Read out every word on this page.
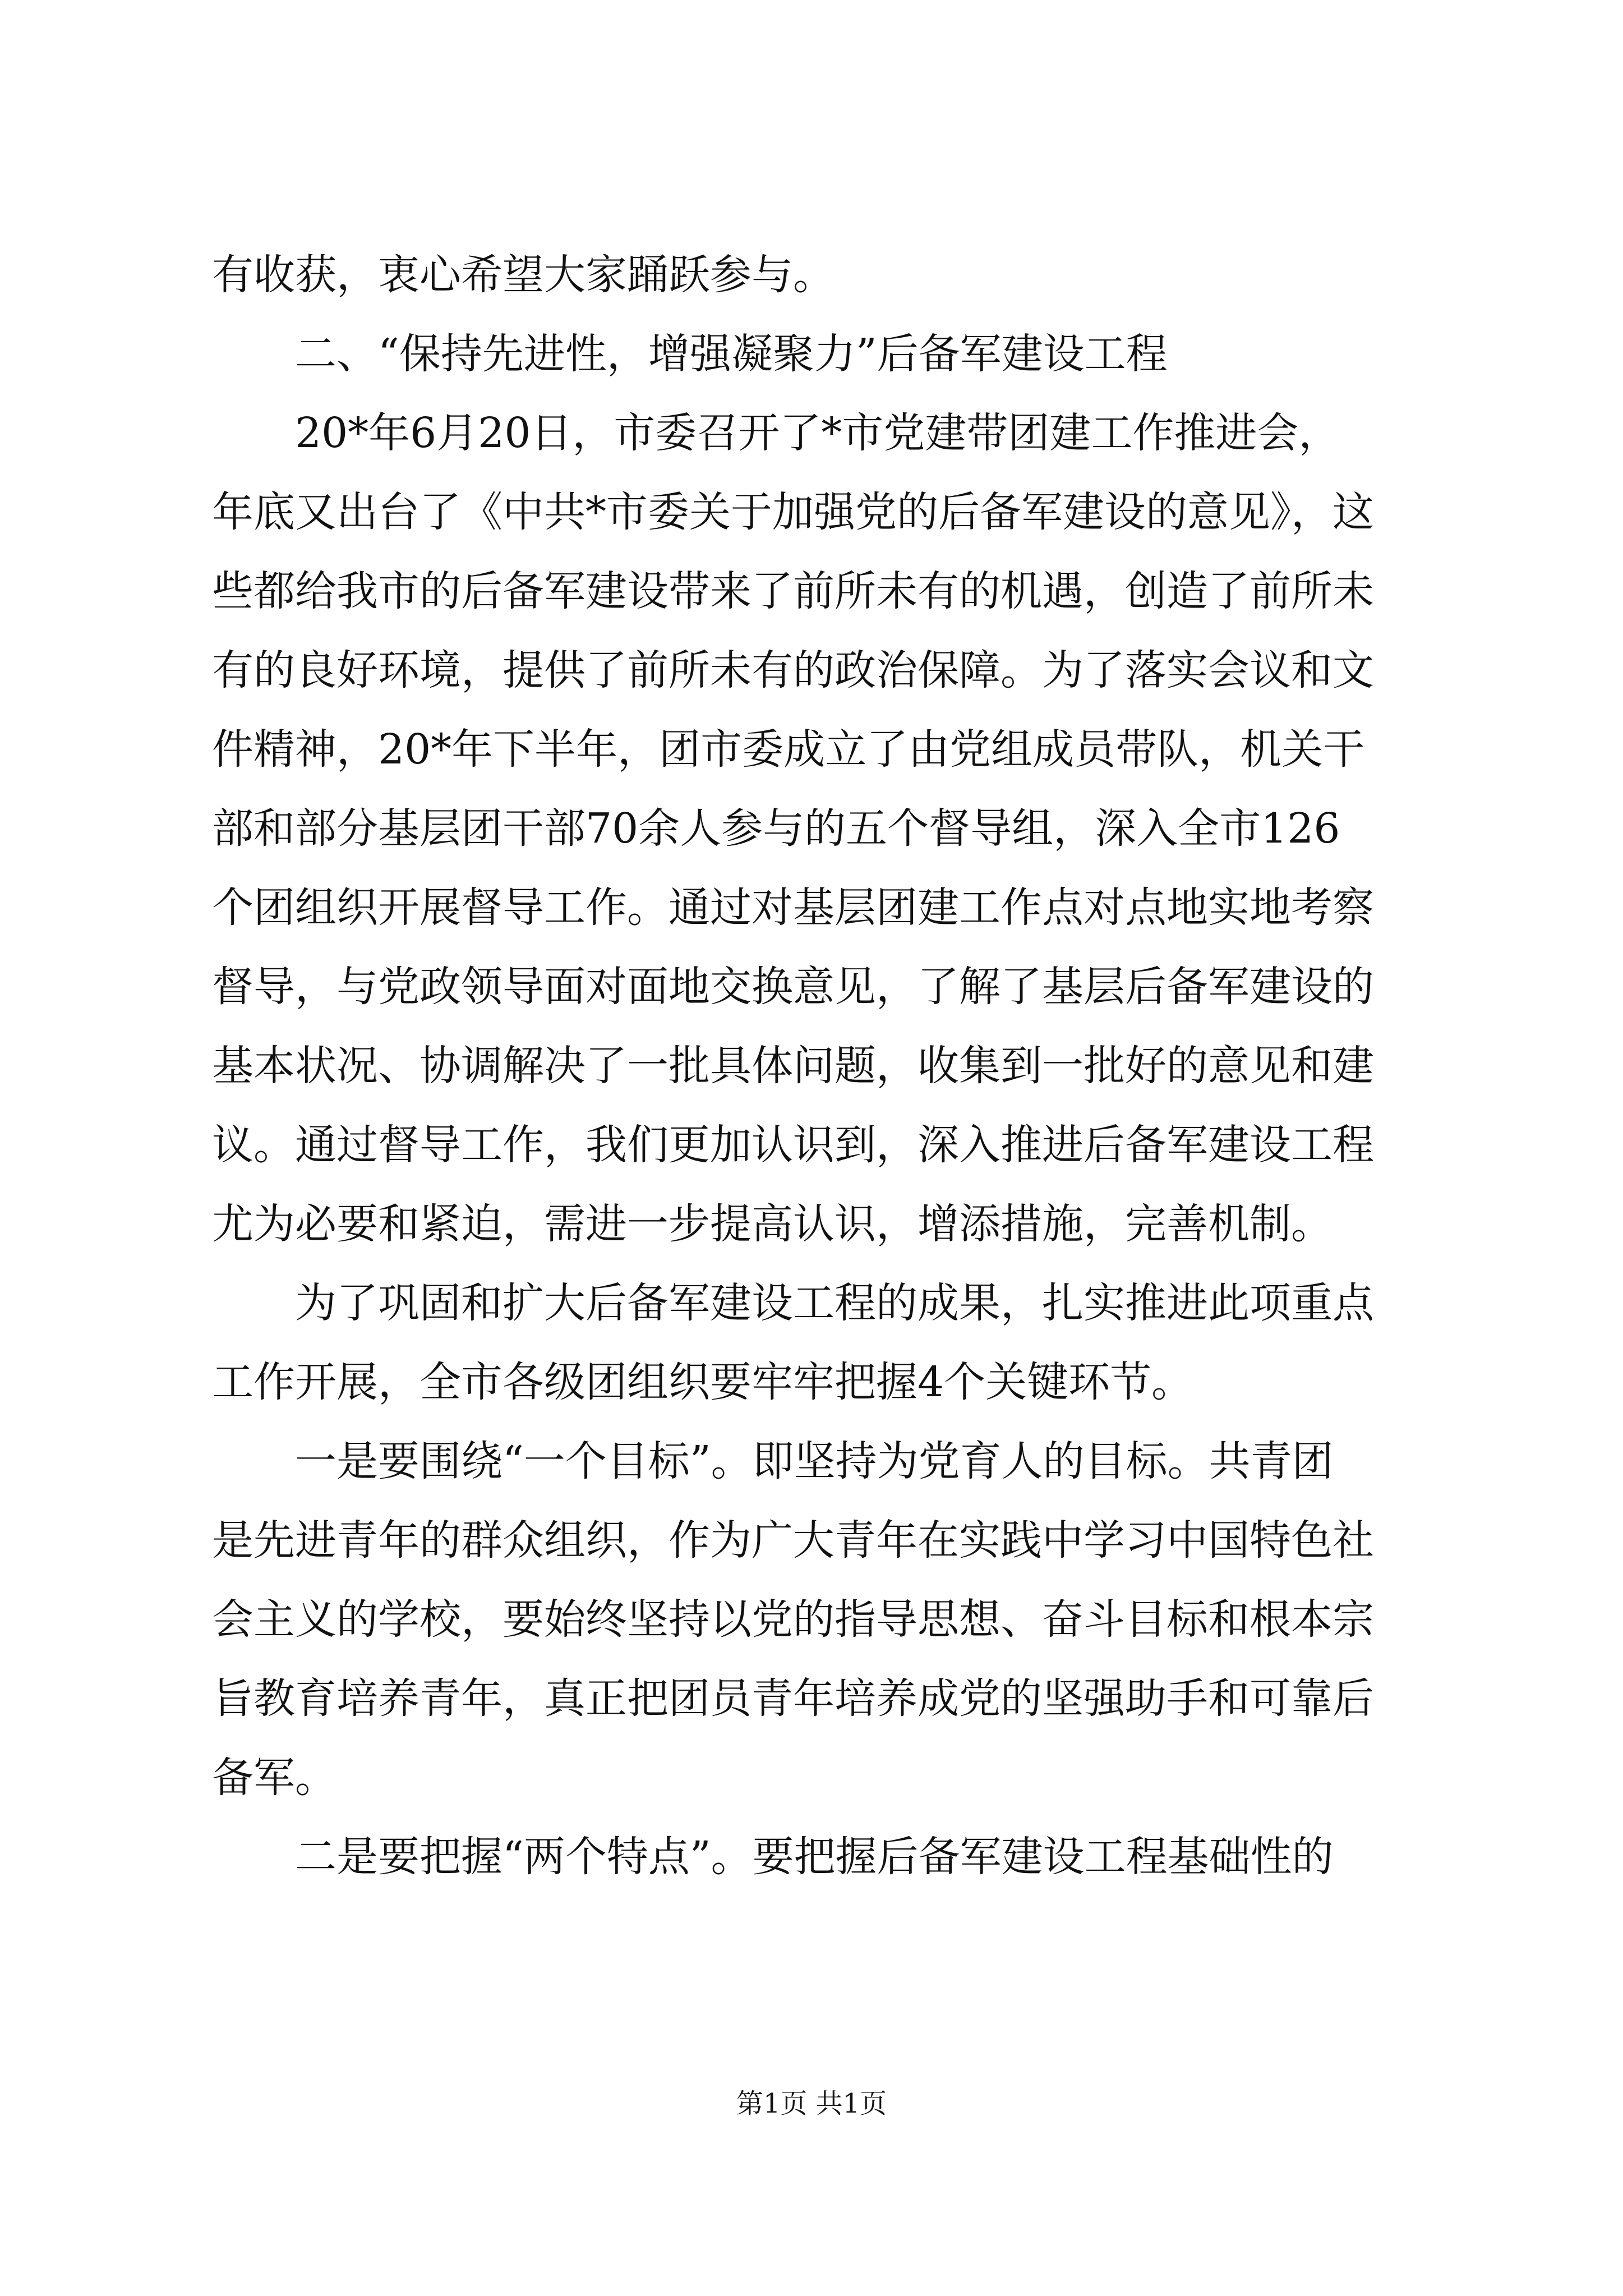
有收获，衷心希望大家踊跃参与。
　　二、“保持先进性，增强凝聚力”后备军建设工程
　　20*年6月20日，市委召开了*市党建带团建工作推进会，
年底又出台了《中共*市委关于加强党的后备军建设的意见》，这
些都给我市的后备军建设带来了前所未有的机遇，创造了前所未
有的良好环境，提供了前所未有的政治保障。为了落实会议和文
件精神，20*年下半年，团市委成立了由党组成员带队，机关干
部和部分基层团干部70余人参与的五个督导组，深入全市126
个团组织开展督导工作。通过对基层团建工作点对点地实地考察
督导，与党政领导面对面地交换意见，了解了基层后备军建设的
基本状况、协调解决了一批具体问题，收集到一批好的意见和建
议。通过督导工作，我们更加认识到，深入推进后备军建设工程
尤为必要和紧迫，需进一步提高认识，增添措施，完善机制。
　　为了巩固和扩大后备军建设工程的成果，扎实推进此项重点
工作开展，全市各级团组织要牢牢把握4个关键环节。
　　一是要围绕“一个目标”。即坚持为党育人的目标。共青团
是先进青年的群众组织，作为广大青年在实践中学习中国特色社
会主义的学校，要始终坚持以党的指导思想、奋斗目标和根本宗
旨教育培养青年，真正把团员青年培养成党的坚强助手和可靠后
备军。
　　二是要把握“两个特点”。要把握后备军建设工程基础性的
第1页 共1页
